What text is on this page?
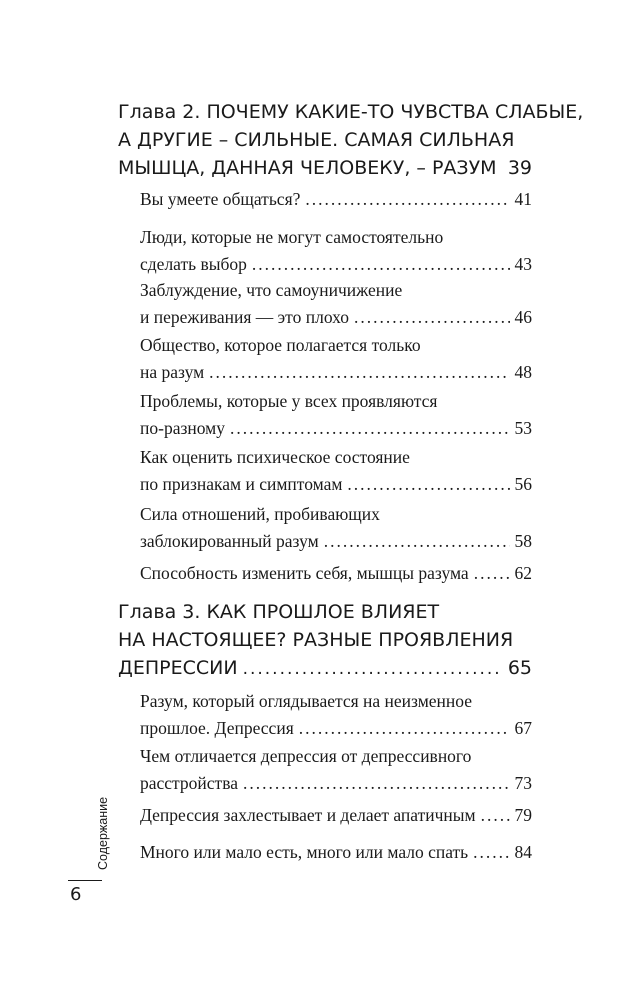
Глава 2. ПОЧЕМУ КАКИЕ-ТО ЧУВСТВА СЛАБЫЕ,
А ДРУГИЕ – СИЛЬНЫЕ. САМАЯ СИЛЬНАЯ
МЫШЦА, ДАННАЯ ЧЕЛОВЕКУ, – РАЗУМ ..... 39
Вы умеете общаться? .....	41
Люди, которые не могут самостоятельно
сделать выбор .....	43
Заблуждение, что самоуничижение
и переживания — это плохо .....	46
Общество, которое полагается только
на разум .....	48
Проблемы, которые у всех проявляются
по-разному .....	53
Как оценить психическое состояние
по признакам и симптомам .....	56
Сила отношений, пробивающих
заблокированный разум .....	58
Способность изменить себя, мышцы разума .....	62
Глава 3. КАК ПРОШЛОЕ ВЛИЯЕТ
НА НАСТОЯЩЕЕ? РАЗНЫЕ ПРОЯВЛЕНИЯ
ДЕПРЕССИИ .....	65
Разум, который оглядывается на неизменное
прошлое. Депрессия .....	67
Чем отличается депрессия от депрессивного
расстройства .....	73
Депрессия захлестывает и делает апатичным ..... 79
Много или мало есть, много или мало спать .....	84
Содержание
6
